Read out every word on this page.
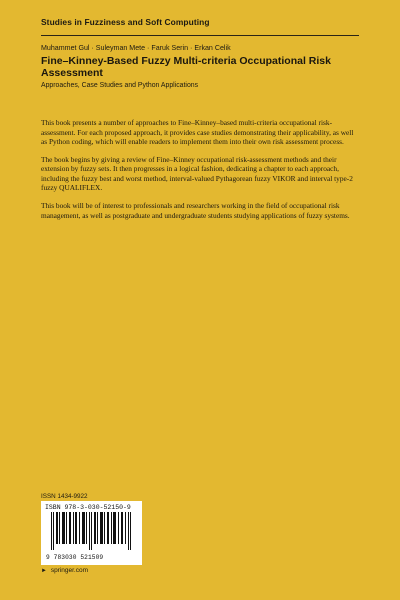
Studies in Fuzziness and Soft Computing
Muhammet Gul · Suleyman Mete · Faruk Serin · Erkan Celik
Fine–Kinney-Based Fuzzy Multi-criteria Occupational Risk Assessment
Approaches, Case Studies and Python Applications

This book presents a number of approaches to Fine–Kinney–based multi-criteria occupational risk-assessment. For each proposed approach, it provides case studies demonstrating their applicability, as well as Python coding, which will enable readers to implement them into their own risk assessment process.

The book begins by giving a review of Fine–Kinney occupational risk-assessment methods and their extension by fuzzy sets. It then progresses in a logical fashion, dedicating a chapter to each approach, including the fuzzy best and worst method, interval-valued Pythagorean fuzzy VIKOR and interval type-2 fuzzy QUALIFLEX.

This book will be of interest to professionals and researchers working in the field of occupational risk management, as well as postgraduate and undergraduate students studying applications of fuzzy systems.

ISSN 1434-9922
ISBN 978-3-030-52150-9
9 783030 521509
► springer.com
